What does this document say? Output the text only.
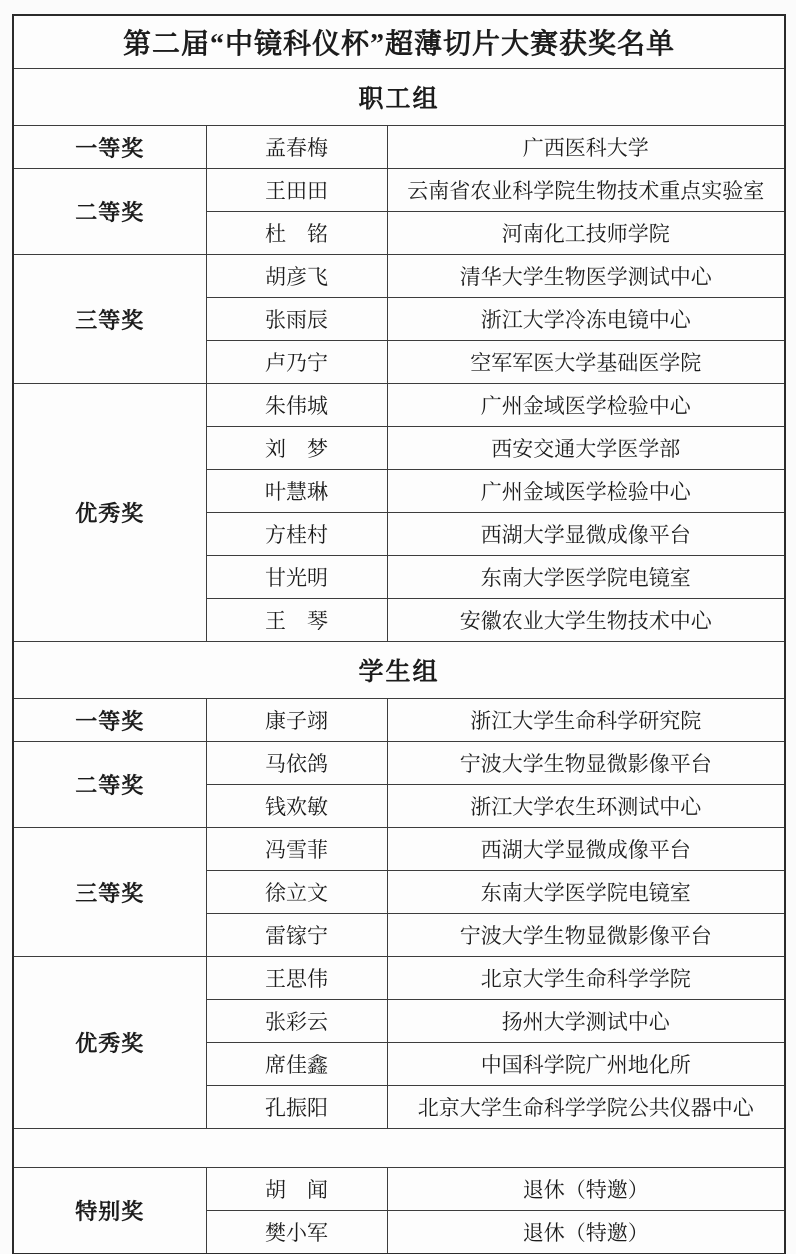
第二届“中镜科仪杯”超薄切片大赛获奖名单		
职工组		
一等奖	孟春梅	广西医科大学
二等奖	王田田	云南省农业科学院生物技术重点实验室
	杜　铭	河南化工技师学院
三等奖	胡彦飞	清华大学生物医学测试中心
	张雨辰	浙江大学冷冻电镜中心
	卢乃宁	空军军医大学基础医学院
优秀奖	朱伟城	广州金域医学检验中心
	刘　梦	西安交通大学医学部
	叶慧琳	广州金域医学检验中心
	方桂村	西湖大学显微成像平台
	甘光明	东南大学医学院电镜室
	王　琴	安徽农业大学生物技术中心
学生组		
一等奖	康子翊	浙江大学生命科学研究院
二等奖	马依鸽	宁波大学生物显微影像平台
	钱欢敏	浙江大学农生环测试中心
三等奖	冯雪菲	西湖大学显微成像平台
	徐立文	东南大学医学院电镜室
	雷镓宁	宁波大学生物显微影像平台
优秀奖	王思伟	北京大学生命科学学院
	张彩云	扬州大学测试中心
	席佳鑫	中国科学院广州地化所
	孔振阳	北京大学生命科学学院公共仪器中心

特别奖	胡　闻	退休（特邀）
	樊小军	退休（特邀）
